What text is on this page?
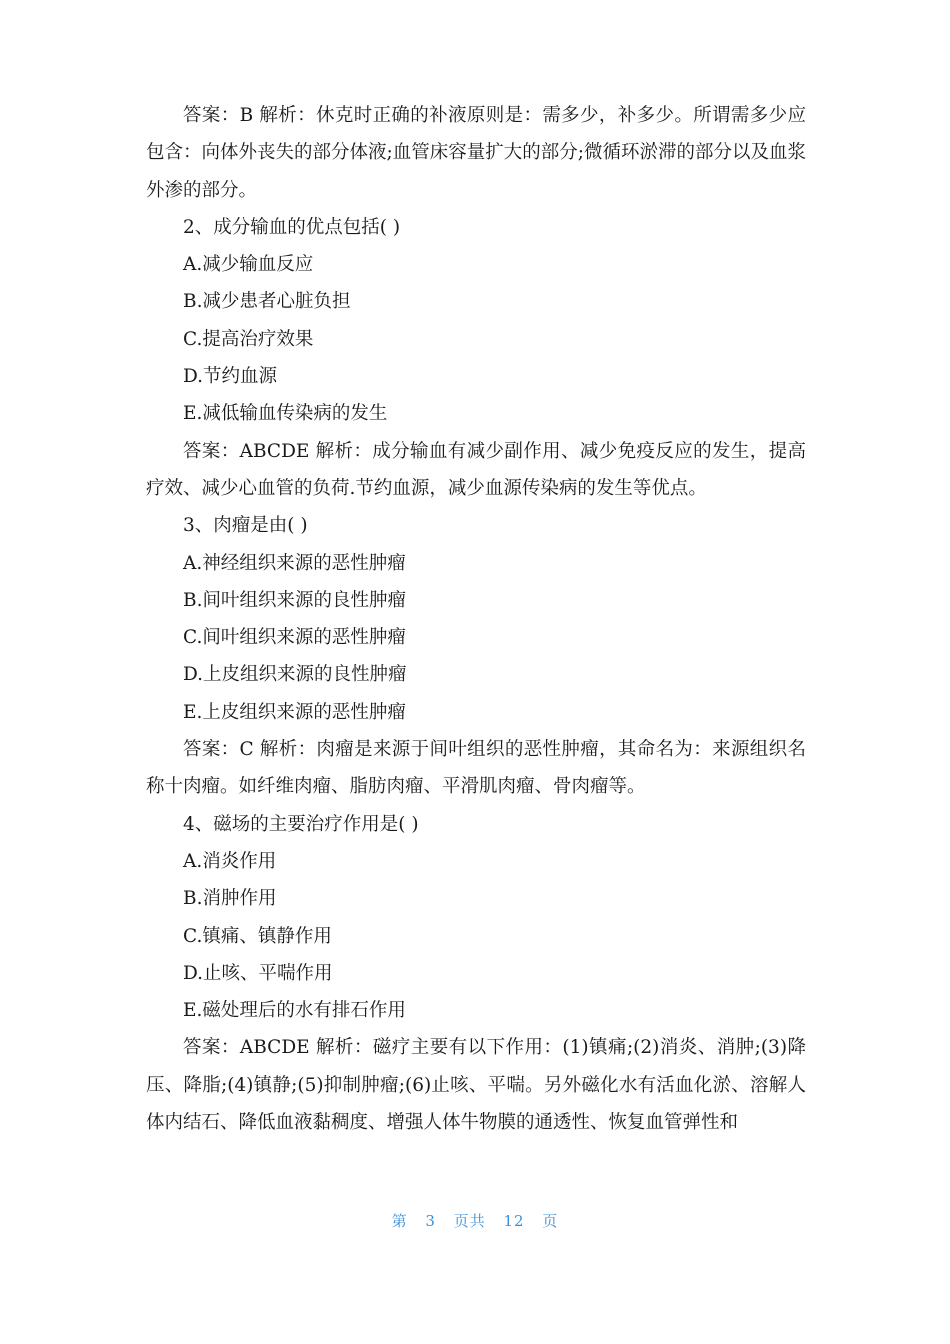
答案：B 解析：休克时正确的补液原则是：需多少，补多少。所谓需多少应包含：向体外丧失的部分体液;血管床容量扩大的部分;微循环淤滞的部分以及血浆外渗的部分。

2、成分输血的优点包括( )

A.减少输血反应

B.减少患者心脏负担

C.提高治疗效果

D.节约血源

E.减低输血传染病的发生

答案：ABCDE 解析：成分输血有减少副作用、减少免疫反应的发生，提高疗效、减少心血管的负荷.节约血源，减少血源传染病的发生等优点。

3、肉瘤是由( )

A.神经组织来源的恶性肿瘤

B.间叶组织来源的良性肿瘤

C.间叶组织来源的恶性肿瘤

D.上皮组织来源的良性肿瘤

E.上皮组织来源的恶性肿瘤

答案：C 解析：肉瘤是来源于间叶组织的恶性肿瘤，其命名为：来源组织名称十肉瘤。如纤维肉瘤、脂肪肉瘤、平滑肌肉瘤、骨肉瘤等。

4、磁场的主要治疗作用是( )

A.消炎作用

B.消肿作用

C.镇痛、镇静作用

D.止咳、平喘作用

E.磁处理后的水有排石作用

答案：ABCDE 解析：磁疗主要有以下作用：(1)镇痛;(2)消炎、消肿;(3)降压、降脂;(4)镇静;(5)抑制肿瘤;(6)止咳、平喘。另外磁化水有活血化淤、溶解人体内结石、降低血液黏稠度、增强人体牛物膜的通透性、恢复血管弹性和

第 3 页共 12 页
